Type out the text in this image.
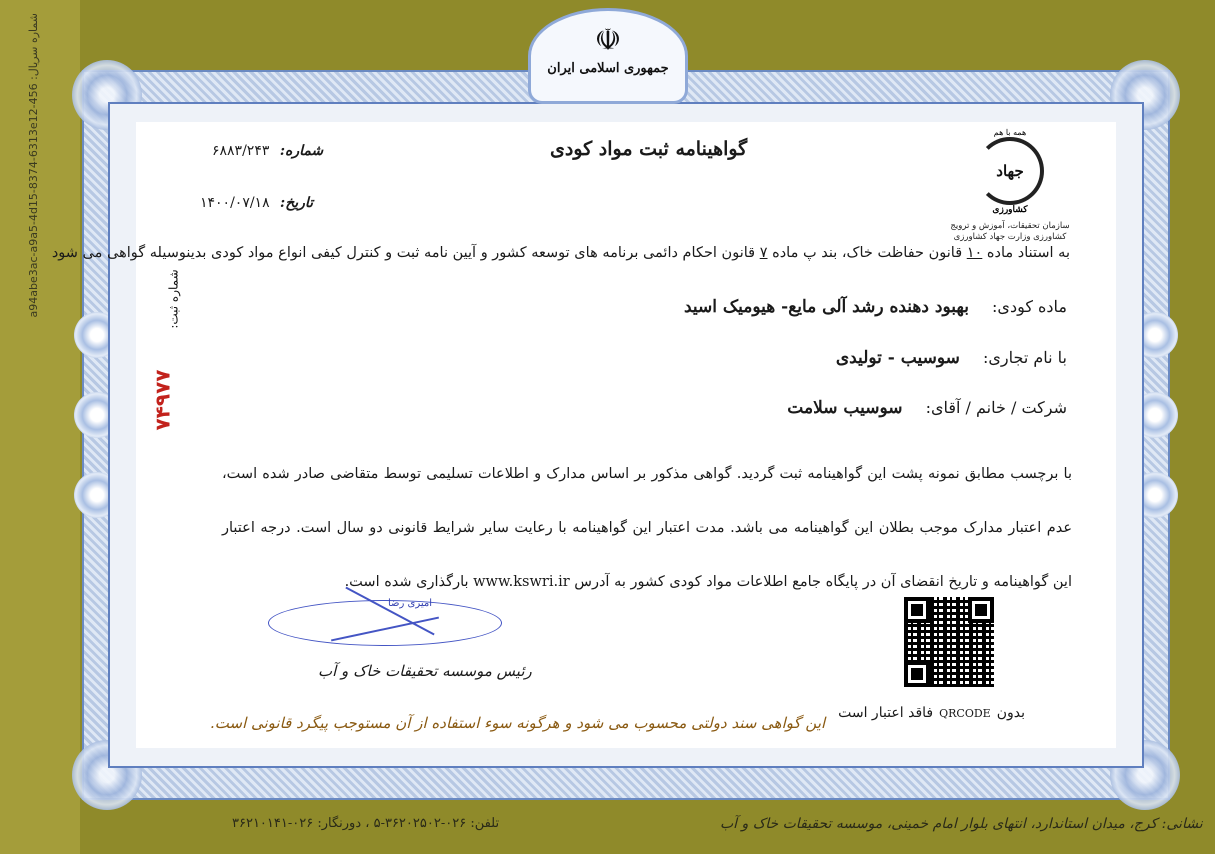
شماره سریال: a94abe3ac-a9a5-4d15-8374-6313e12-456	☫
جمهوری اسلامی ایران
همه با هم
جهاد
کشاورزی
سازمان تحقیقات، آموزش و ترویج
کشاورزی وزارت جهاد کشاورزی
گواهینامه ثبت مواد کودی
شماره: ۶۸۸۳/۲۴۳
تاریخ: ۱۴۰۰/۰۷/۱۸
به استناد ماده ۱۰ قانون حفاظت خاک، بند پ ماده ۷ قانون احکام دائمی برنامه های توسعه کشور و آیین نامه ثبت و کنترل کیفی انواع مواد کودی بدینوسیله گواهی می شود
ماده کودی: بهبود دهنده رشد آلی مایع- هیومیک اسید
با نام تجاری: سوسیب - تولیدی
شرکت / خانم / آقای: سوسیب سلامت
شماره ثبت:
۷۴۹۷۷
با برچسب مطابق نمونه پشت این گواهینامه ثبت گردید. گواهی مذکور بر اساس مدارک و اطلاعات تسلیمی توسط متقاضی صادر شده است، عدم اعتبار مدارک موجب بطلان این گواهینامه می باشد. مدت اعتبار این گواهینامه با رعایت سایر شرایط قانونی دو سال است. درجه اعتبار این گواهینامه و تاریخ انقضای آن در پایگاه جامع اطلاعات مواد کودی کشور به آدرس www.kswri.ir بارگذاری شده است.
امیری رضا
رئیس موسسه تحقیقات خاک و آب
بدونQRCODEفاقد اعتبار است
این گواهی سند دولتی محسوب می شود و هرگونه سوء استفاده از آن مستوجب پیگرد قانونی است.
نشانی: کرج، میدان استاندارد، انتهای بلوار امام خمینی، موسسه تحقیقات خاک و آب
تلفن: ۰۲۶-۳۶۲۰۲۵۰۲-۵ ، دورنگار: ۰۲۶-۳۶۲۱۰۱۴۱
